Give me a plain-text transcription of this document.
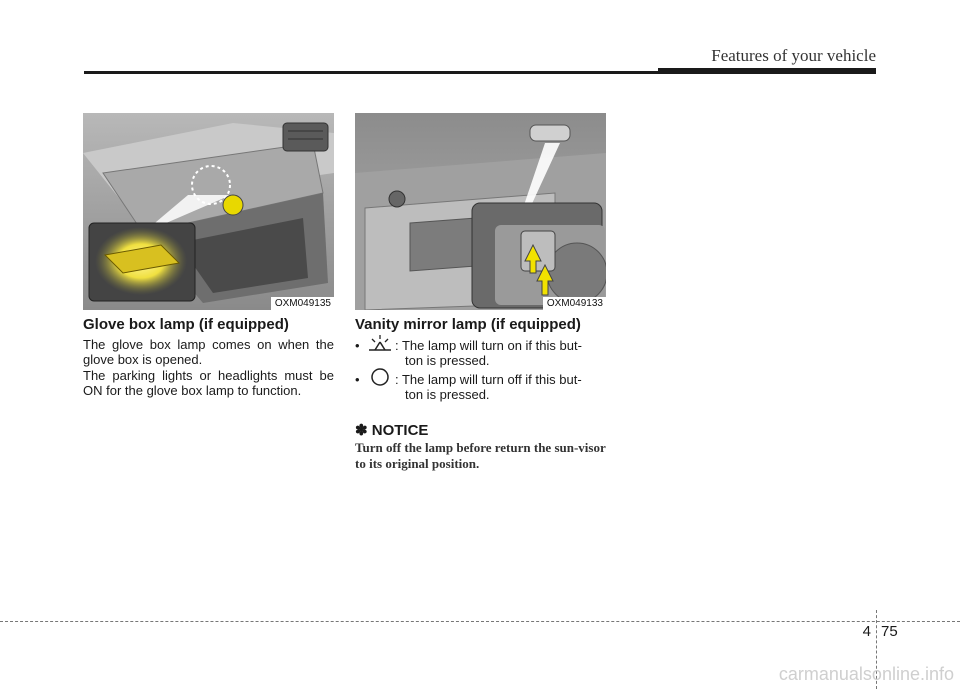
Features of your vehicle
OXM049135	OXM049133
Glove box lamp (if equipped)

The glove box lamp comes on when the glove box is opened.

The parking lights or headlights must be ON for the glove box lamp to function.

Vanity mirror lamp (if equipped)
•	: The lamp will turn on if this but-
ton is pressed.
•	: The lamp will turn off if this but-
ton is pressed.
✽ NOTICE
Turn off the lamp before return the sun-visor to its original position.
4 75
carmanualsonline.info
